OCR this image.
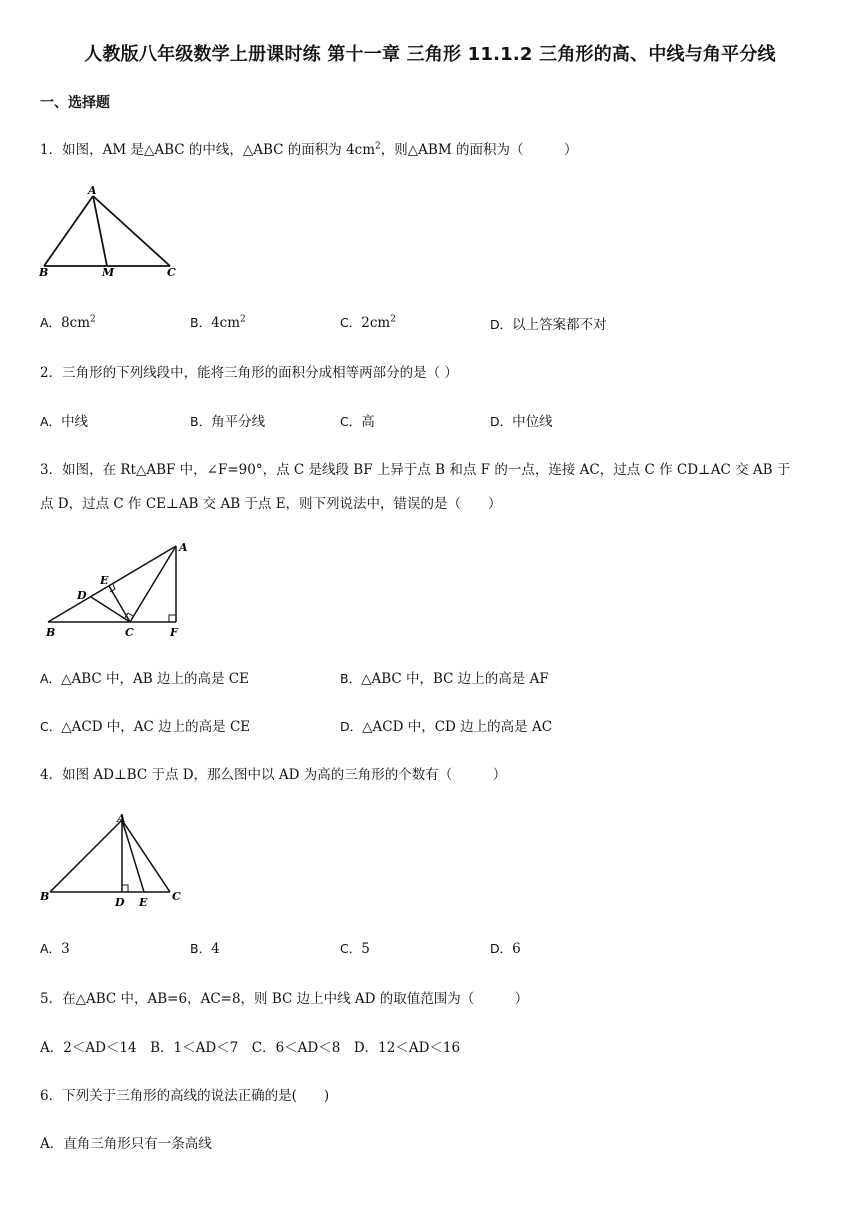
人教版八年级数学上册课时练 第十一章 三角形 11.1.2 三角形的高、中线与角平分线
一、选择题
1．如图，AM 是△ABC 的中线，△ABC 的面积为 $4cm^2$，则△ABM 的面积为（　　　）
A
B	M	C
A．$8cm^2$	B．$4cm^2$	C．$2cm^2$	D．以上答案都不对
2．三角形的下列线段中，能将三角形的面积分成相等两部分的是（ ）
A．中线	B．角平分线	C．高	D．中位线
3．如图，在 Rt△ABF 中，∠F=90°，点 C 是线段 BF 上异于点 B 和点 F 的一点，连接 AC，过点 C 作 CD⊥AC 交 AB 于
点 D，过点 C 作 CE⊥AB 交 AB 于点 E，则下列说法中，错误的是（　　）
A
E
D
B	C	F
A．△ABC 中，AB 边上的高是 CE	B．△ABC 中，BC 边上的高是 AF
C．△ACD 中，AC 边上的高是 CE	D．△ACD 中，CD 边上的高是 AC
4．如图 AD⊥BC 于点 D，那么图中以 AD 为高的三角形的个数有（　　　）
A
B	D E C
A．3	B．4	C．5	D．6
5．在△ABC 中，AB=6，AC=8，则 BC 边上中线 AD 的取值范围为（　　　）
A．2＜AD＜14　B．1＜AD＜7　C．6＜AD＜8　D．12＜AD＜16
6．下列关于三角形的高线的说法正确的是(　　)
A．直角三角形只有一条高线
